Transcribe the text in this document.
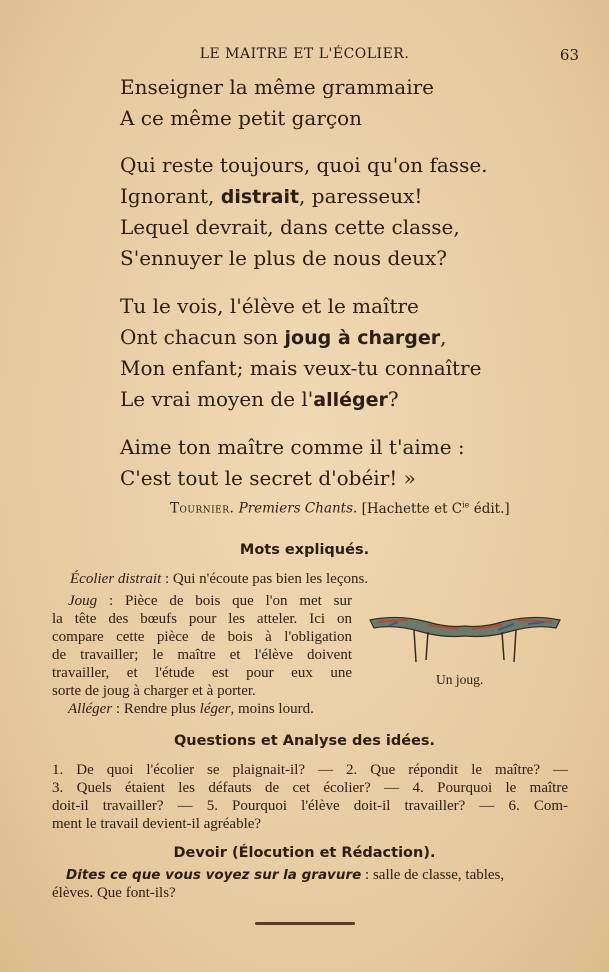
LE MAITRE ET L'ÉCOLIER.	63
Enseigner la même grammaire
A ce même petit garçon
Qui reste toujours, quoi qu'on fasse.
Ignorant, distrait, paresseux!
Lequel devrait, dans cette classe,
S'ennuyer le plus de nous deux?
Tu le vois, l'élève et le maître
Ont chacun son joug à charger,
Mon enfant; mais veux-tu connaître
Le vrai moyen de l'alléger?
Aime ton maître comme il t'aime :
C'est tout le secret d'obéir! »
Tournier. Premiers Chants. [Hachette et $C^{ie}$ édit.]
Mots expliqués.
Écolier distrait : Qui n'écoute pas bien les leçons.
Joug : Pièce de bois que l'on met sur
la tête des bœufs pour les atteler. Ici on
compare cette pièce de bois à l'obligation
de travailler; le maître et l'élève doivent
travailler, et l'étude est pour eux une
sorte de joug à charger et à porter.
Un joug.
Alléger : Rendre plus léger, moins lourd.
Questions et Analyse des idées.
1. De quoi l'écolier se plaignait-il? — 2. Que répondit le maître? —
3. Quels étaient les défauts de cet écolier? — 4. Pourquoi le maître
doit-il travailler? — 5. Pourquoi l'élève doit-il travailler? — 6. Com-
ment le travail devient-il agréable?
Devoir (Élocution et Rédaction).
Dites ce que vous voyez sur la gravure : salle de classe, tables,
élèves. Que font-ils?
